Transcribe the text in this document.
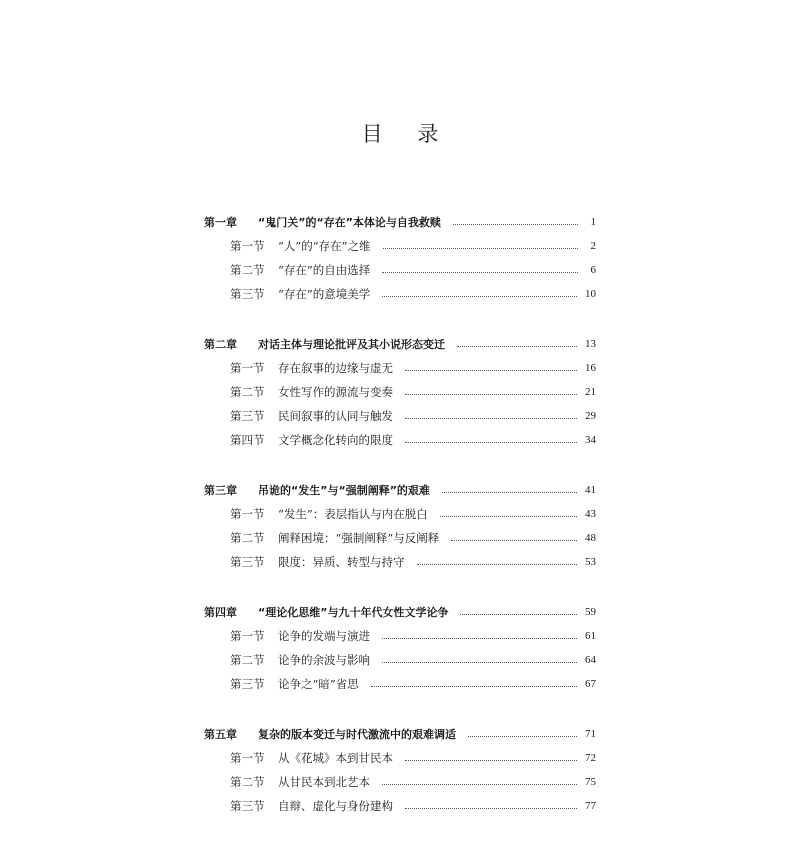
目 录
第一章	“鬼门关”的“存在”本体论与自我救赎	1
第一节	“人”的“存在”之维	2
第二节	“存在”的自由选择	6
第三节	“存在”的意境美学	10
第二章	对话主体与理论批评及其小说形态变迁	13
第一节	存在叙事的边缘与虚无	16
第二节	女性写作的源流与变奏	21
第三节	民间叙事的认同与触发	29
第四节	文学概念化转向的限度	34
第三章	吊诡的“发生”与“强制阐释”的艰难	41
第一节	“发生”：表层指认与内在脱白	43
第二节	阐释困境：“强制阐释”与反阐释	48
第三节	限度：异质、转型与持守	53
第四章	“理论化思维”与九十年代女性文学论争	59
第一节	论争的发端与演进	61
第二节	论争的余波与影响	64
第三节	论争之“暗”省思	67
第五章	复杂的版本变迁与时代激流中的艰难调适	71
第一节	从《花城》本到甘民本	72
第二节	从甘民本到北艺本	75
第三节	自辩、虚化与身份建构	77
